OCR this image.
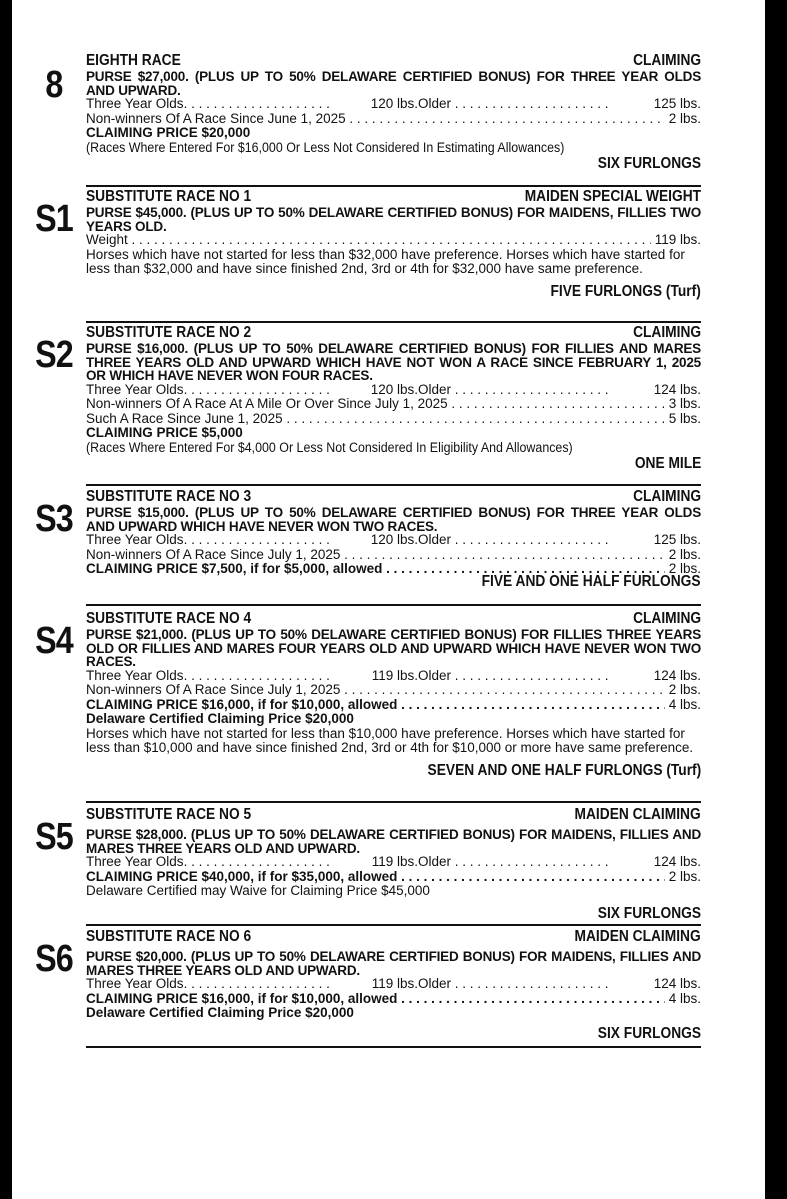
8
EIGHTH RACE	CLAIMING
PURSE $27,000. (PLUS UP TO 50% DELAWARE CERTIFIED BONUS) FOR THREE YEAR OLDS AND UPWARD.
Three Year Olds . . .	120 lbs. Older . . .	125 lbs.
Non-winners Of A Race Since June 1, 2025 . . .	2 lbs.
CLAIMING PRICE $20,000
(Races Where Entered For $16,000 Or Less Not Considered In Estimating Allowances)
SIX FURLONGS
S1
SUBSTITUTE RACE NO 1	MAIDEN SPECIAL WEIGHT
PURSE $45,000. (PLUS UP TO 50% DELAWARE CERTIFIED BONUS) FOR MAIDENS, FILLIES TWO YEARS OLD.
Weight . . .	119 lbs.
Horses which have not started for less than $32,000 have preference. Horses which have started for less than $32,000 and have since finished 2nd, 3rd or 4th for $32,000 have same preference.
FIVE FURLONGS (Turf)
S2
SUBSTITUTE RACE NO 2	CLAIMING
PURSE $16,000. (PLUS UP TO 50% DELAWARE CERTIFIED BONUS) FOR FILLIES AND MARES THREE YEARS OLD AND UPWARD WHICH HAVE NOT WON A RACE SINCE FEBRUARY 1, 2025 OR WHICH HAVE NEVER WON FOUR RACES.
Three Year Olds . . .	120 lbs. Older . . .	124 lbs.
Non-winners Of A Race At A Mile Or Over Since July 1, 2025 . . .	3 lbs.
Such A Race Since June 1, 2025 . . .	5 lbs.
CLAIMING PRICE $5,000
(Races Where Entered For $4,000 Or Less Not Considered In Eligibility And Allowances)
ONE MILE
S3
SUBSTITUTE RACE NO 3	CLAIMING
PURSE $15,000. (PLUS UP TO 50% DELAWARE CERTIFIED BONUS) FOR THREE YEAR OLDS AND UPWARD WHICH HAVE NEVER WON TWO RACES.
Three Year Olds . . .	120 lbs. Older . . .	125 lbs.
Non-winners Of A Race Since July 1, 2025 . . .	2 lbs.
CLAIMING PRICE $7,500, if for $5,000, allowed . . .	2 lbs.
FIVE AND ONE HALF FURLONGS
S4
SUBSTITUTE RACE NO 4	CLAIMING
PURSE $21,000. (PLUS UP TO 50% DELAWARE CERTIFIED BONUS) FOR FILLIES THREE YEARS OLD OR FILLIES AND MARES FOUR YEARS OLD AND UPWARD WHICH HAVE NEVER WON TWO RACES.
Three Year Olds . . .	119 lbs. Older . . .	124 lbs.
Non-winners Of A Race Since July 1, 2025 . . .	2 lbs.
CLAIMING PRICE $16,000, if for $10,000, allowed . . .	4 lbs.
Delaware Certified Claiming Price $20,000
Horses which have not started for less than $10,000 have preference. Horses which have started for less than $10,000 and have since finished 2nd, 3rd or 4th for $10,000 or more have same preference.
SEVEN AND ONE HALF FURLONGS (Turf)
S5
SUBSTITUTE RACE NO 5	MAIDEN CLAIMING
PURSE $28,000. (PLUS UP TO 50% DELAWARE CERTIFIED BONUS) FOR MAIDENS, FILLIES AND MARES THREE YEARS OLD AND UPWARD.
Three Year Olds . . .	119 lbs. Older . . .	124 lbs.
CLAIMING PRICE $40,000, if for $35,000, allowed . . .	2 lbs.
Delaware Certified may Waive for Claiming Price $45,000
SIX FURLONGS
S6
SUBSTITUTE RACE NO 6	MAIDEN CLAIMING
PURSE $20,000. (PLUS UP TO 50% DELAWARE CERTIFIED BONUS) FOR MAIDENS, FILLIES AND MARES THREE YEARS OLD AND UPWARD.
Three Year Olds . . .	119 lbs. Older . . .	124 lbs.
CLAIMING PRICE $16,000, if for $10,000, allowed . . .	4 lbs.
Delaware Certified Claiming Price $20,000
SIX FURLONGS
